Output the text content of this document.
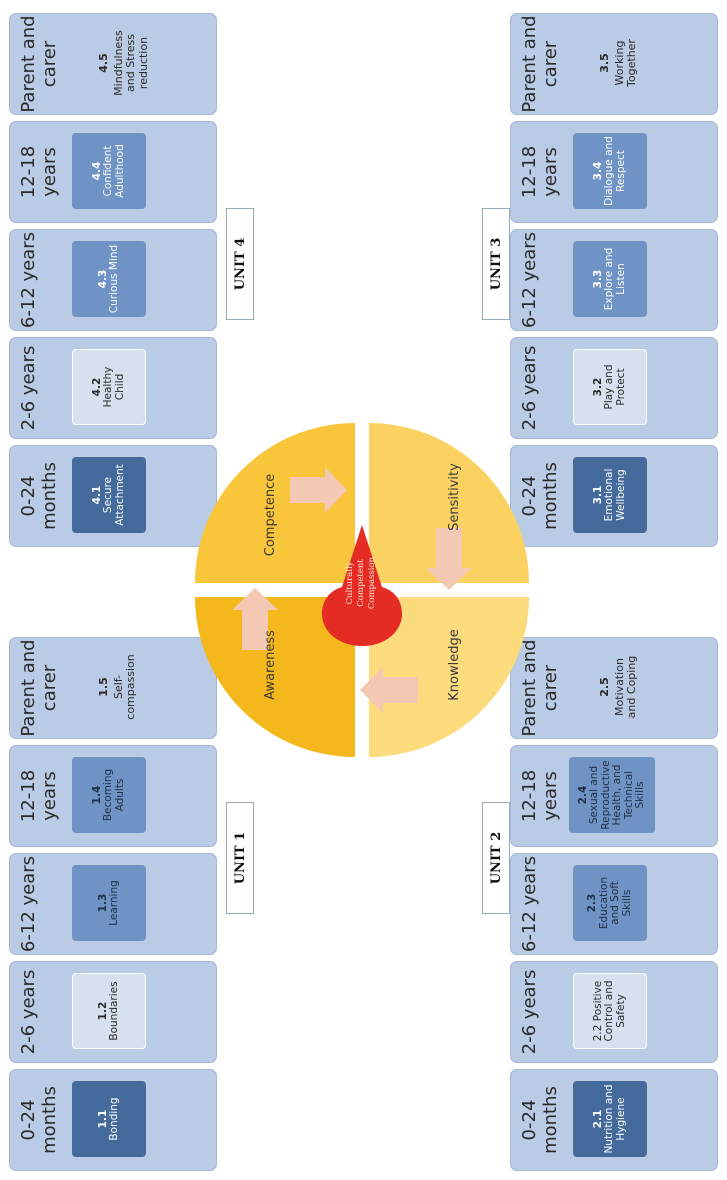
0-24 months	1.1 Bonding
2-6 years	1.2 Boundaries
6-12 years	1.3 Learning
12-18 years	1.4 Becoming Adults
Parent and carer	1.5 Self-compassion
UNIT 1
0-24 months	2.1 Nutrition and Hygiene
2-6 years	2.2 Positive Control and Safety
6-12 years	2.3 Education and Soft Skills
12-18 years 2.4 Sexual and Reproductive Health, and Technical Skills
Parent and carer	2.5 Motivation and Coping
UNIT 2
0-24 months	3.1 Emotional Wellbeing
2-6 years	3.2 Play and Protect
6-12 years	3.3 Explore and Listen
12-18 years	3.4 Dialogue and Respect
Parent and carer	3.5 Working Together
UNIT 3
0-24 months	4.1 Secure Attachment
2-6 years	4.2 Healthy Child
6-12 years	4.3 Curious Mind
12-18 years	4.4 Confident Adulthood
Parent and carer	4.5 Mindfulness and Stress reduction
UNIT 4
Awareness
Competence	Sensitivity
Knowledge
Culturally Competent Compassion
